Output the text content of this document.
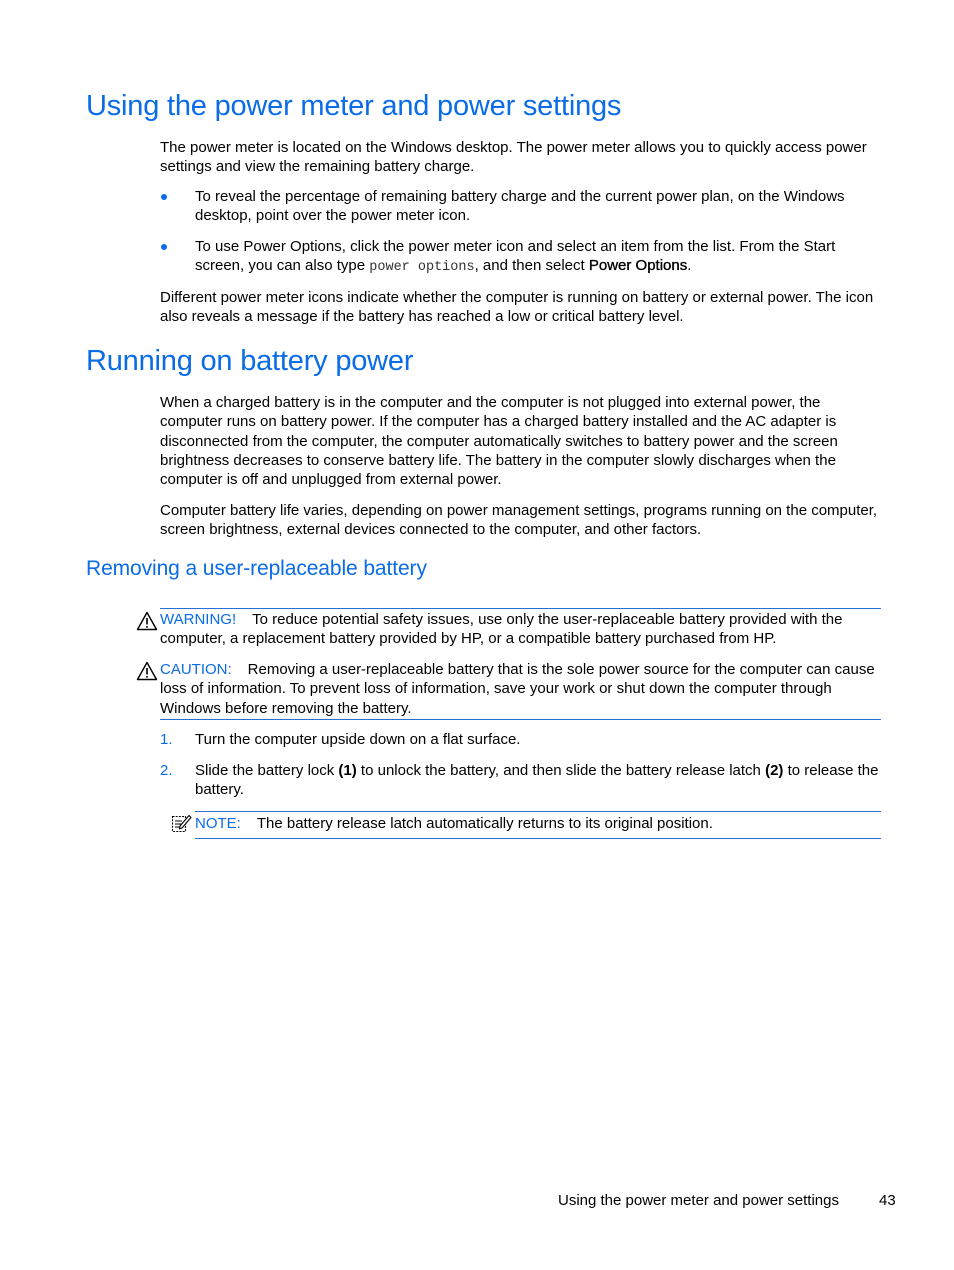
Using the power meter and power settings

The power meter is located on the Windows desktop. The power meter allows you to quickly access power settings and view the remaining battery charge.

To reveal the percentage of remaining battery charge and the current power plan, on the Windows desktop, point over the power meter icon.

To use Power Options, click the power meter icon and select an item from the list. From the Start screen, you can also type power options, and then select Power Options.

Different power meter icons indicate whether the computer is running on battery or external power. The icon also reveals a message if the battery has reached a low or critical battery level.

Running on battery power

When a charged battery is in the computer and the computer is not plugged into external power, the computer runs on battery power. If the computer has a charged battery installed and the AC adapter is disconnected from the computer, the computer automatically switches to battery power and the screen brightness decreases to conserve battery life. The battery in the computer slowly discharges when the computer is off and unplugged from external power.

Computer battery life varies, depending on power management settings, programs running on the computer, screen brightness, external devices connected to the computer, and other factors.

Removing a user-replaceable battery

WARNING! To reduce potential safety issues, use only the user-replaceable battery provided with the computer, a replacement battery provided by HP, or a compatible battery purchased from HP.

CAUTION: Removing a user-replaceable battery that is the sole power source for the computer can cause loss of information. To prevent loss of information, save your work or shut down the computer through Windows before removing the battery.

1. Turn the computer upside down on a flat surface.

2. Slide the battery lock (1) to unlock the battery, and then slide the battery release latch (2) to release the battery.

NOTE: The battery release latch automatically returns to its original position.

Using the power meter and power settings	43
